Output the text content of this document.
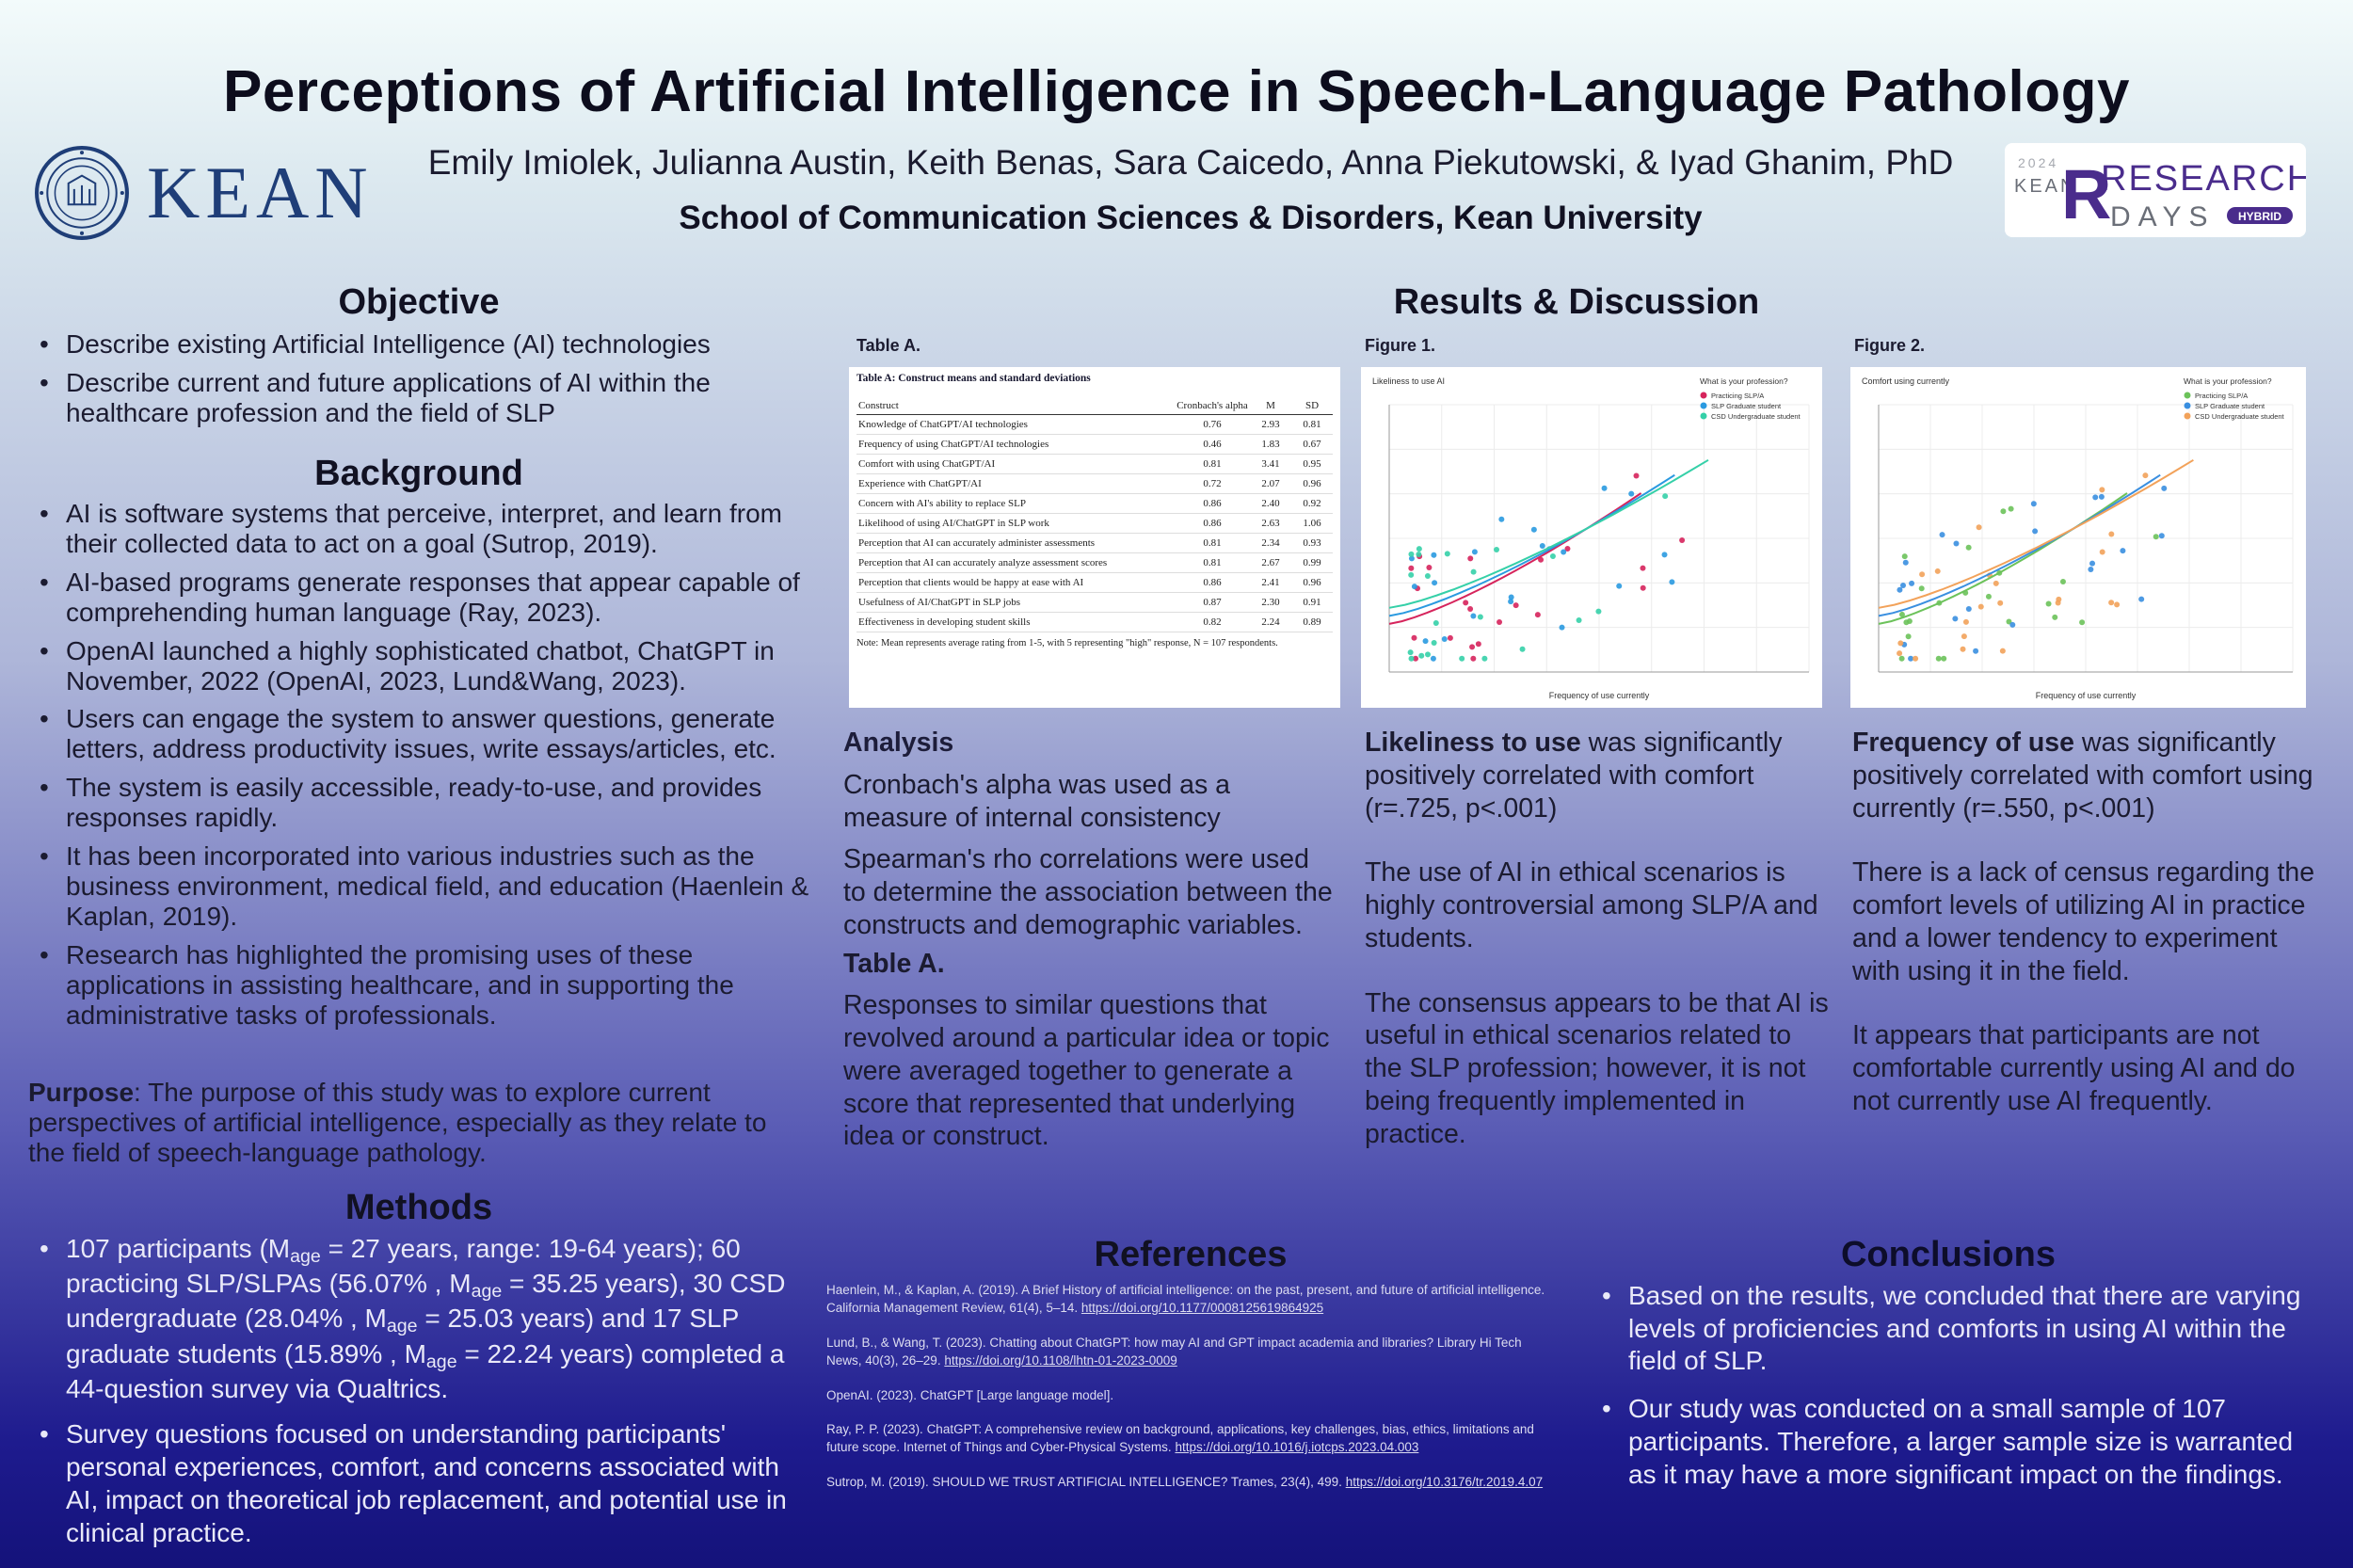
Perceptions of Artificial Intelligence in Speech-Language Pathology
KEAN	Emily Imiolek, Julianna Austin, Keith Benas, Sara Caicedo, Anna Piekutowski, & Iyad Ghanim, PhD
School of Communication Sciences & Disorders, Kean University
2024
KEAN
R
RESEARCH
DAYS HYBRID
Objective
• Describe existing Artificial Intelligence (AI) technologies
• Describe current and future applications of AI within the healthcare profession and the field of SLP
Background
• AI is software systems that perceive, interpret, and learn from their collected data to act on a goal (Sutrop, 2019).
• AI-based programs generate responses that appear capable of comprehending human language (Ray, 2023).
• OpenAI launched a highly sophisticated chatbot, ChatGPT in November, 2022 (OpenAI, 2023, Lund&Wang, 2023).
• Users can engage the system to answer questions, generate letters, address productivity issues, write essays/articles, etc.
• The system is easily accessible, ready-to-use, and provides responses rapidly.
• It has been incorporated into various industries such as the business environment, medical field, and education (Haenlein & Kaplan, 2019).
• Research has highlighted the promising uses of these applications in assisting healthcare, and in supporting the administrative tasks of professionals.
Purpose: The purpose of this study was to explore current perspectives of artificial intelligence, especially as they relate to the field of speech-language pathology.
Methods
• 107 participants ($M_{age} = 27$ years, range: 19-64 years); 60 practicing SLP/SLPAs (56.07% , $M_{age} = 35.25$ years), 30 CSD undergraduate (28.04% , $M_{age} = 25.03$ years) and 17 SLP graduate students (15.89% , $M_{age} = 22.24$ years) completed a 44-question survey via Qualtrics.
• Survey questions focused on understanding participants' personal experiences, comfort, and concerns associated with AI, impact on theoretical job replacement, and potential use in clinical practice.
Results & Discussion
Table A.
Table A: Construct means and standard deviations
Construct	Cronbach's alpha	M	SD
Knowledge of ChatGPT/AI technologies	0.76	2.93	0.81
Frequency of using ChatGPT/AI technologies	0.46	1.83	0.67
Comfort with using ChatGPT/AI	0.81	3.41	0.95
Experience with ChatGPT/AI	0.72	2.07	0.96
Concern with AI's ability to replace SLP	0.86	2.40	0.92
Likelihood of using AI/ChatGPT in SLP work	0.86	2.63	1.06
Perception that AI can accurately administer assessments	0.81	2.34	0.93
Perception that AI can accurately analyze assessment scores	0.81	2.67	0.99
Perception that clients would be happy at ease with AI	0.86	2.41	0.96
Usefulness of AI/ChatGPT in SLP jobs	0.87	2.30	0.91
Effectiveness in developing student skills	0.82	2.24	0.89
Note: Mean represents average rating from 1-5, with 5 representing "high" response, N = 107 respondents.
Figure 1.
Likeliness to use AI
Frequency of use currently
What is your profession?
Practicing SLP/A
SLP Graduate student
CSD Undergraduate student
Figure 2.
Comfort using currently
Frequency of use currently
What is your profession?
Practicing SLP/A
SLP Graduate student
CSD Undergraduate student
Analysis
Cronbach's alpha was used as a measure of internal consistency
Spearman's rho correlations were used to determine the association between the constructs and demographic variables.
Table A.
Responses to similar questions that revolved around a particular idea or topic were averaged together to generate a score that represented that underlying idea or construct.
Likeliness to use was significantly positively correlated with comfort (r=.725, p<.001)
The use of AI in ethical scenarios is highly controversial among SLP/A and students.
The consensus appears to be that AI is useful in ethical scenarios related to the SLP profession; however, it is not being frequently implemented in practice.
Frequency of use was significantly positively correlated with comfort using currently (r=.550, p<.001)
There is a lack of census regarding the comfort levels of utilizing AI in practice and a lower tendency to experiment with using it in the field.
It appears that participants are not comfortable currently using AI and do not currently use AI frequently.
References
Haenlein, M., & Kaplan, A. (2019). A Brief History of artificial intelligence: on the past, present, and future of artificial intelligence. California Management Review, 61(4), 5–14. https://doi.org/10.1177/0008125619864925
Lund, B., & Wang, T. (2023). Chatting about ChatGPT: how may AI and GPT impact academia and libraries? Library Hi Tech News, 40(3), 26–29. https://doi.org/10.1108/lhtn-01-2023-0009
OpenAI. (2023). ChatGPT [Large language model].
Ray, P. P. (2023). ChatGPT: A comprehensive review on background, applications, key challenges, bias, ethics, limitations and future scope. Internet of Things and Cyber-Physical Systems. https://doi.org/10.1016/j.iotcps.2023.04.003
Sutrop, M. (2019). SHOULD WE TRUST ARTIFICIAL INTELLIGENCE? Trames, 23(4), 499. https://doi.org/10.3176/tr.2019.4.07
Conclusions
• Based on the results, we concluded that there are varying levels of proficiencies and comforts in using AI within the field of SLP.
• Our study was conducted on a small sample of 107 participants. Therefore, a larger sample size is warranted as it may have a more significant impact on the findings.
